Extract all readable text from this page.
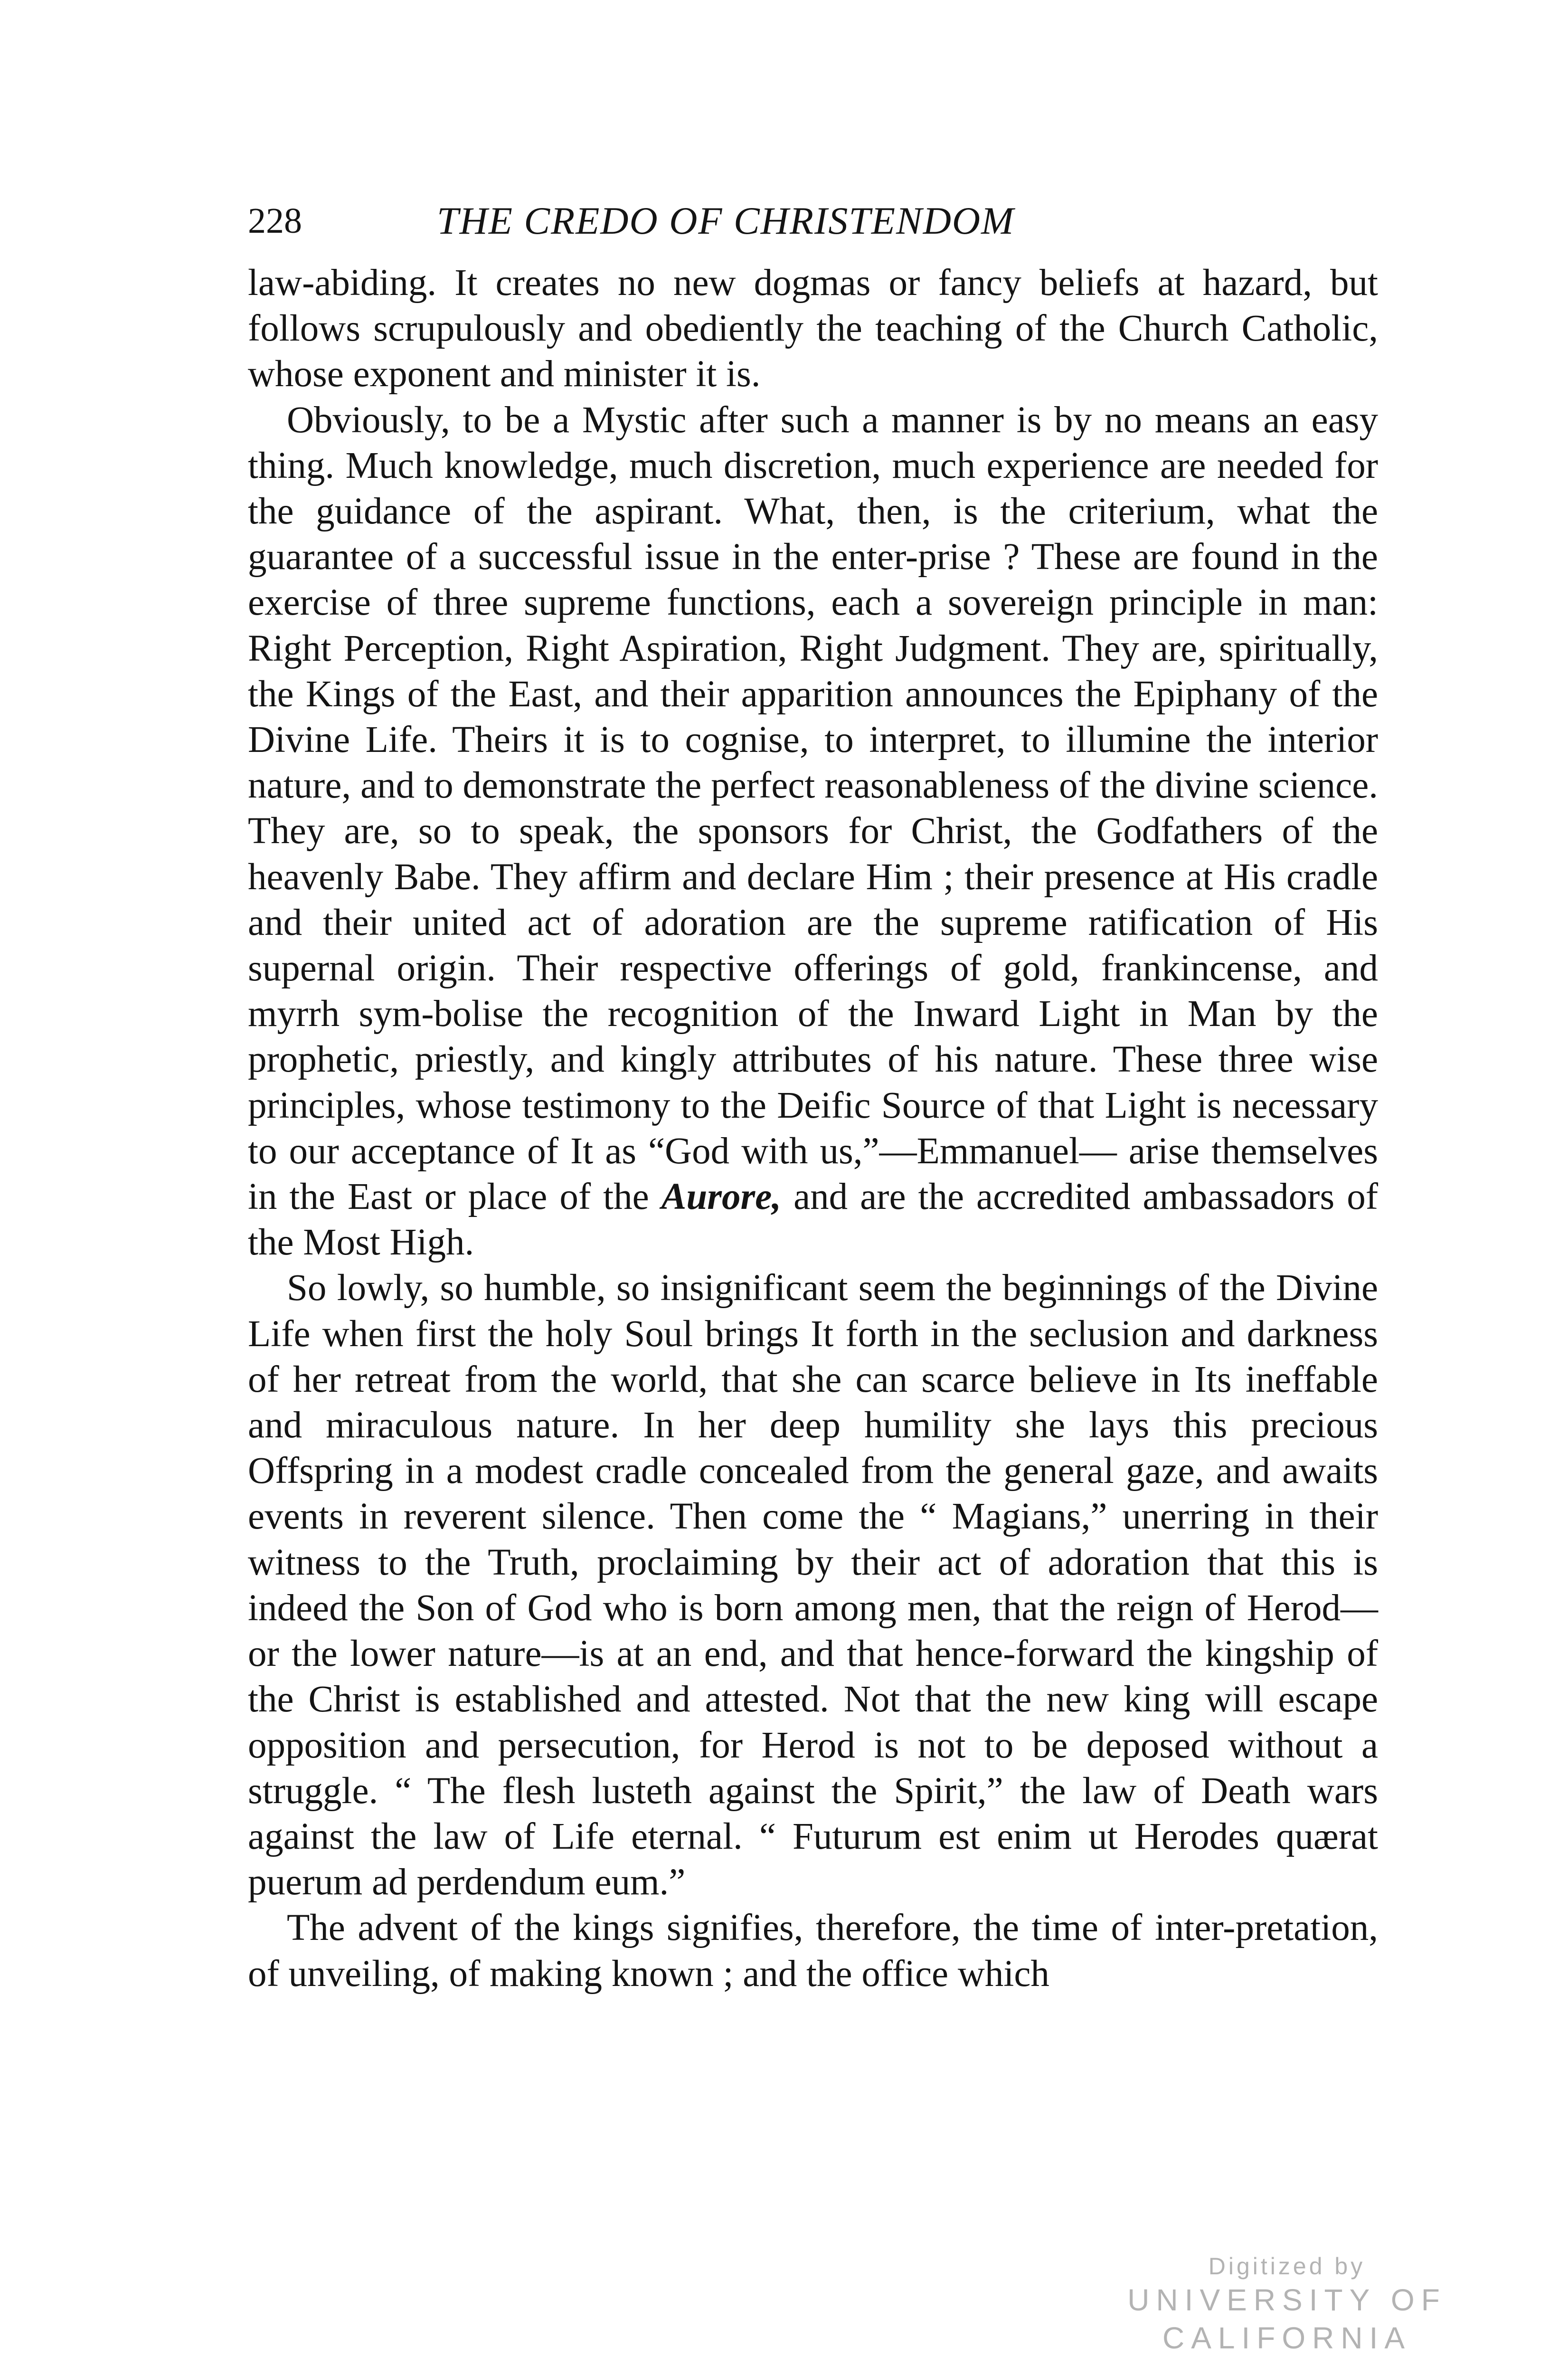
228	THE CREDO OF CHRISTENDOM

law-abiding. It creates no new dogmas or fancy beliefs at hazard, but follows scrupulously and obediently the teaching of the Church Catholic, whose exponent and minister it is.

Obviously, to be a Mystic after such a manner is by no means an easy thing. Much knowledge, much discretion, much experience are needed for the guidance of the aspirant. What, then, is the criterium, what the guarantee of a successful issue in the enter-prise ? These are found in the exercise of three supreme functions, each a sovereign principle in man: Right Perception, Right Aspiration, Right Judgment. They are, spiritually, the Kings of the East, and their apparition announces the Epiphany of the Divine Life. Theirs it is to cognise, to interpret, to illumine the interior nature, and to demonstrate the perfect reasonableness of the divine science. They are, so to speak, the sponsors for Christ, the Godfathers of the heavenly Babe. They affirm and declare Him ; their presence at His cradle and their united act of adoration are the supreme ratification of His supernal origin. Their respective offerings of gold, frankincense, and myrrh sym-bolise the recognition of the Inward Light in Man by the prophetic, priestly, and kingly attributes of his nature. These three wise principles, whose testimony to the Deific Source of that Light is necessary to our acceptance of It as “God with us,”—Emmanuel— arise themselves in the East or place of the Aurore, and are the accredited ambassadors of the Most High.

So lowly, so humble, so insignificant seem the beginnings of the Divine Life when first the holy Soul brings It forth in the seclusion and darkness of her retreat from the world, that she can scarce believe in Its ineffable and miraculous nature. In her deep humility she lays this precious Offspring in a modest cradle concealed from the general gaze, and awaits events in reverent silence. Then come the “ Magians,” unerring in their witness to the Truth, proclaiming by their act of adoration that this is indeed the Son of God who is born among men, that the reign of Herod—or the lower nature—is at an end, and that hence-forward the kingship of the Christ is established and attested. Not that the new king will escape opposition and persecution, for Herod is not to be deposed without a struggle. “ The flesh lusteth against the Spirit,” the law of Death wars against the law of Life eternal. “ Futurum est enim ut Herodes quærat puerum ad perdendum eum.”

The advent of the kings signifies, therefore, the time of inter-pretation, of unveiling, of making known ; and the office which

Digitized by
UNIVERSITY OF CALIFORNIA
